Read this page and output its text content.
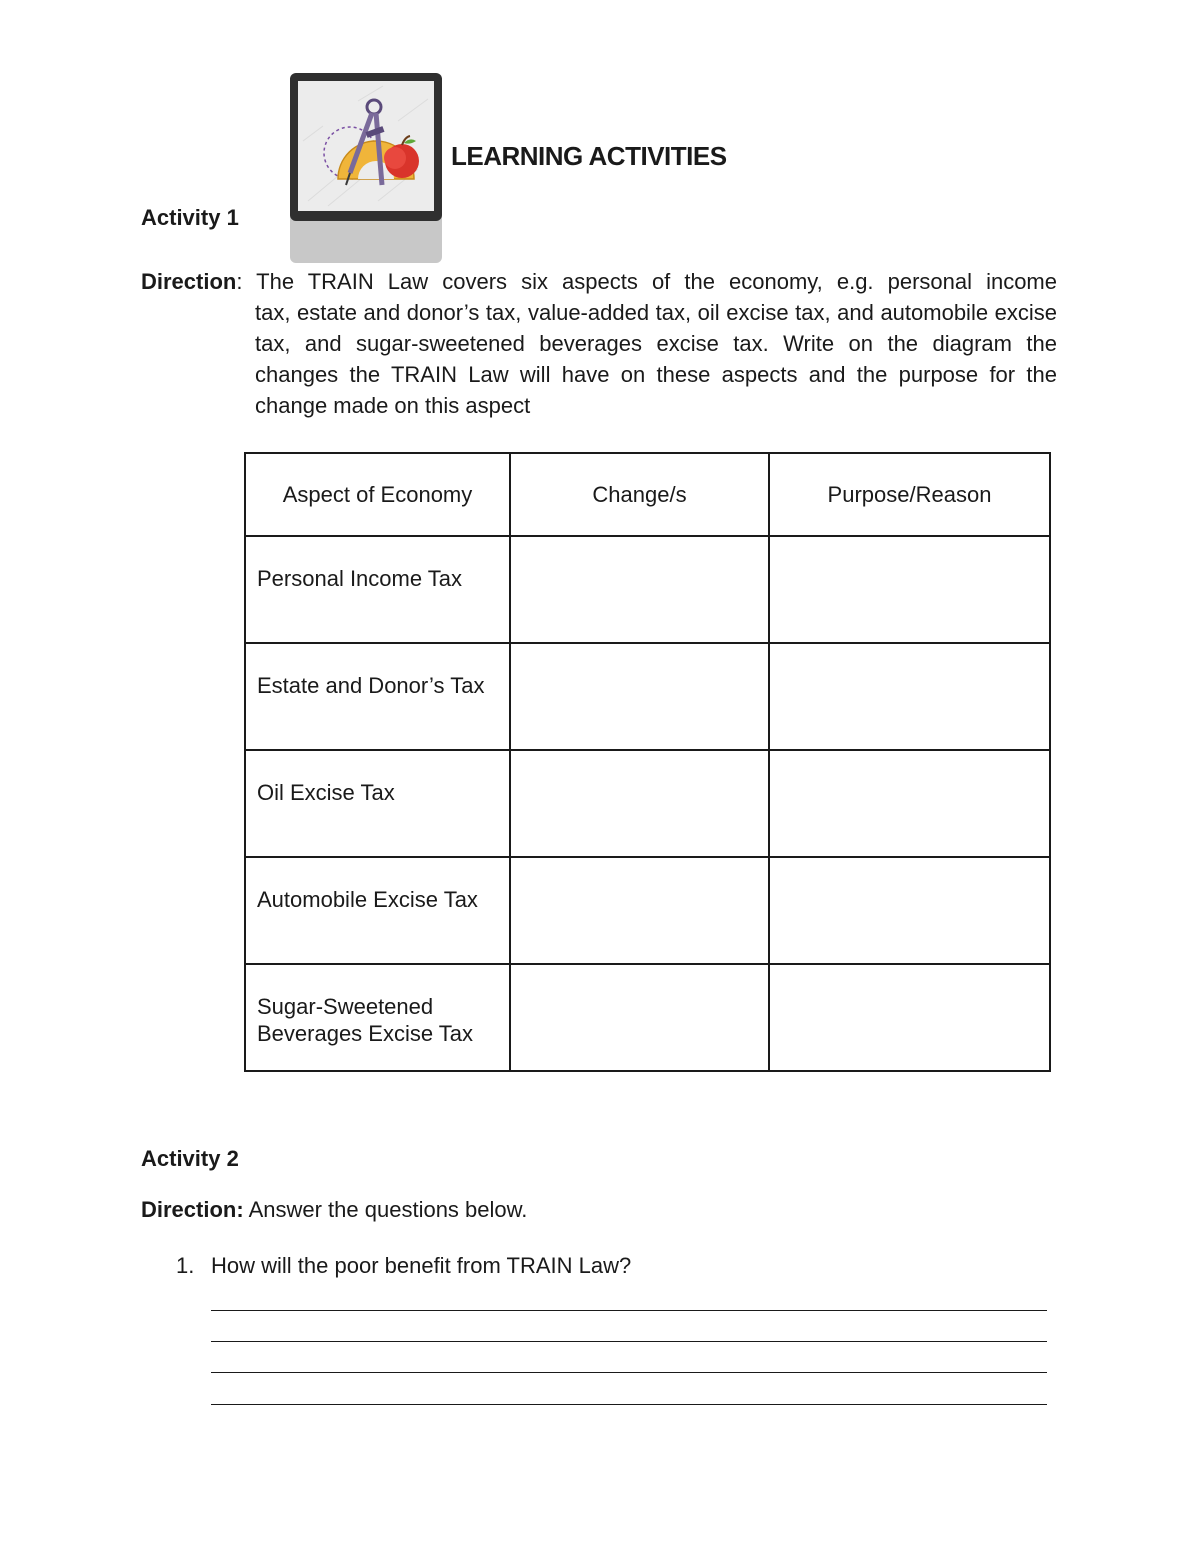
LEARNING ACTIVITIES
Activity 1
Direction: The TRAIN Law covers six aspects of the economy, e.g. personal income
tax, estate and donor’s tax, value-added tax, oil excise tax, and automobile excise tax, and sugar-sweetened beverages excise tax. Write on the diagram the changes the TRAIN Law will have on these aspects and the purpose for the change made on this aspect
Aspect of Economy	Change/s	Purpose/Reason
Personal Income Tax		
Estate and Donor’s Tax		
Oil Excise Tax		
Automobile Excise Tax		
Sugar-Sweetened Beverages Excise Tax		
Activity 2
Direction: Answer the questions below.
1. How will the poor benefit from TRAIN Law?
